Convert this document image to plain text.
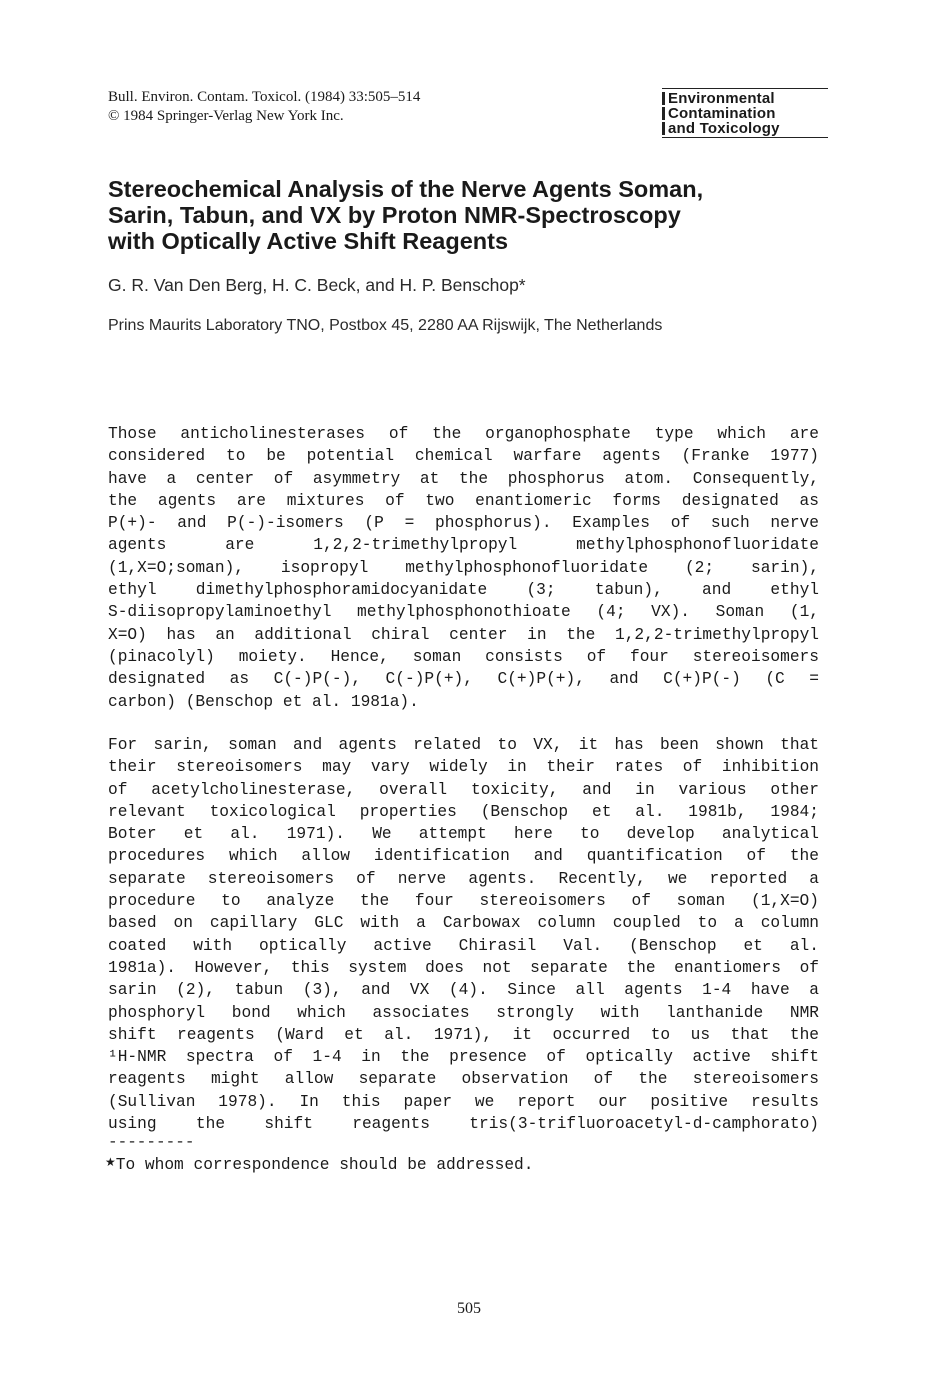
Bull. Environ. Contam. Toxicol. (1984) 33:505–514
© 1984 Springer-Verlag New York Inc.
Environmental
Contamination
and Toxicology
Stereochemical Analysis of the Nerve Agents Soman,
Sarin, Tabun, and VX by Proton NMR-Spectroscopy
with Optically Active Shift Reagents
G. R. Van Den Berg, H. C. Beck, and H. P. Benschop*
Prins Maurits Laboratory TNO, Postbox 45, 2280 AA Rijswijk, The Netherlands
Those anticholinesterases of the organophosphate type which are
considered to be potential chemical warfare agents (Franke 1977)
have a center of asymmetry at the phosphorus atom. Consequently,
the agents are mixtures of two enantiomeric forms designated as
P(+)- and P(-)-isomers (P = phosphorus). Examples of such nerve
agents are 1,2,2-trimethylpropyl methylphosphonofluoridate
(1,X=O;soman), isopropyl methylphosphonofluoridate (2; sarin),
ethyl dimethylphosphoramidocyanidate (3; tabun), and ethyl
S-diisopropylaminoethyl methylphosphonothioate (4; VX). Soman (1,
X=O) has an additional chiral center in the 1,2,2-trimethylpropyl
(pinacolyl) moiety. Hence, soman consists of four stereoisomers
designated as C(-)P(-), C(-)P(+), C(+)P(+), and C(+)P(-) (C =
carbon) (Benschop et al. 1981a).
For sarin, soman and agents related to VX, it has been shown that
their stereoisomers may vary widely in their rates of inhibition
of acetylcholinesterase, overall toxicity, and in various other
relevant toxicological properties (Benschop et al. 1981b, 1984;
Boter et al. 1971). We attempt here to develop analytical
procedures which allow identification and quantification of the
separate stereoisomers of nerve agents. Recently, we reported a
procedure to analyze the four stereoisomers of soman (1,X=O)
based on capillary GLC with a Carbowax column coupled to a column
coated with optically active Chirasil Val. (Benschop et al.
1981a). However, this system does not separate the enantiomers of
sarin (2), tabun (3), and VX (4). Since all agents 1-4 have a
phosphoryl bond which associates strongly with lanthanide NMR
shift reagents (Ward et al. 1971), it occurred to us that the
¹H-NMR spectra of 1-4 in the presence of optically active shift
reagents might allow separate observation of the stereoisomers
(Sullivan 1978). In this paper we report our positive results
using the shift reagents tris(3-trifluoroacetyl-d-camphorato)
---------
★To whom correspondence should be addressed.
505
